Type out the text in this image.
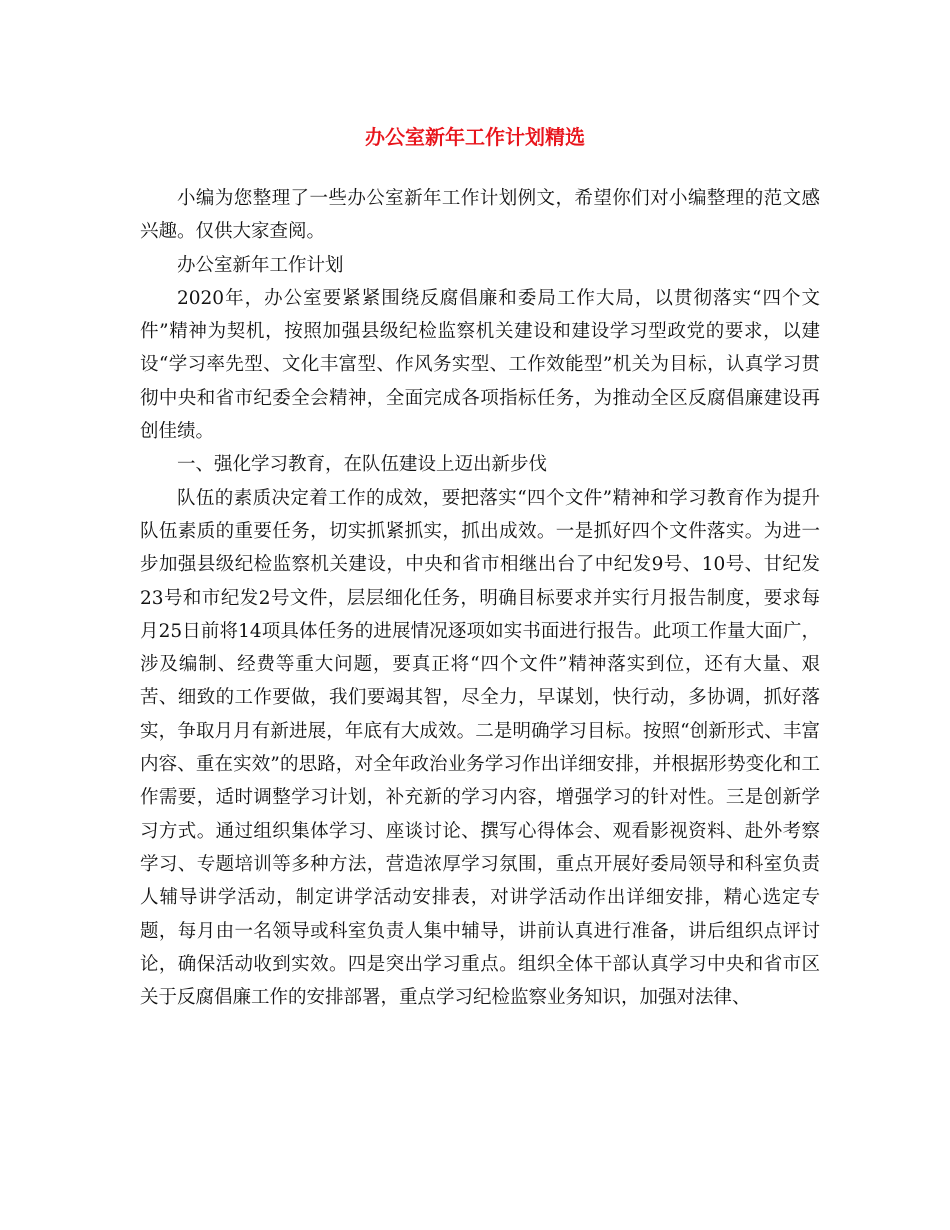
办公室新年工作计划精选

小编为您整理了一些办公室新年工作计划例文，希望你们对小编整理的范文感兴趣。仅供大家查阅。

办公室新年工作计划

2020年，办公室要紧紧围绕反腐倡廉和委局工作大局，以贯彻落实“四个文件”精神为契机，按照加强县级纪检监察机关建设和建设学习型政党的要求，以建设“学习率先型、文化丰富型、作风务实型、工作效能型”机关为目标，认真学习贯彻中央和省市纪委全会精神，全面完成各项指标任务，为推动全区反腐倡廉建设再创佳绩。

一、强化学习教育，在队伍建设上迈出新步伐

队伍的素质决定着工作的成效，要把落实“四个文件”精神和学习教育作为提升队伍素质的重要任务，切实抓紧抓实，抓出成效。一是抓好四个文件落实。为进一步加强县级纪检监察机关建设，中央和省市相继出台了中纪发9号、10号、甘纪发23号和市纪发2号文件，层层细化任务，明确目标要求并实行月报告制度，要求每月25日前将14项具体任务的进展情况逐项如实书面进行报告。此项工作量大面广，涉及编制、经费等重大问题，要真正将“四个文件”精神落实到位，还有大量、艰苦、细致的工作要做，我们要竭其智，尽全力，早谋划，快行动，多协调，抓好落实，争取月月有新进展，年底有大成效。二是明确学习目标。按照“创新形式、丰富内容、重在实效”的思路，对全年政治业务学习作出详细安排，并根据形势变化和工作需要，适时调整学习计划，补充新的学习内容，增强学习的针对性。三是创新学习方式。通过组织集体学习、座谈讨论、撰写心得体会、观看影视资料、赴外考察学习、专题培训等多种方法，营造浓厚学习氛围，重点开展好委局领导和科室负责人辅导讲学活动，制定讲学活动安排表，对讲学活动作出详细安排，精心选定专题，每月由一名领导或科室负责人集中辅导，讲前认真进行准备，讲后组织点评讨论，确保活动收到实效。四是突出学习重点。组织全体干部认真学习中央和省市区关于反腐倡廉工作的安排部署，重点学习纪检监察业务知识，加强对法律、
